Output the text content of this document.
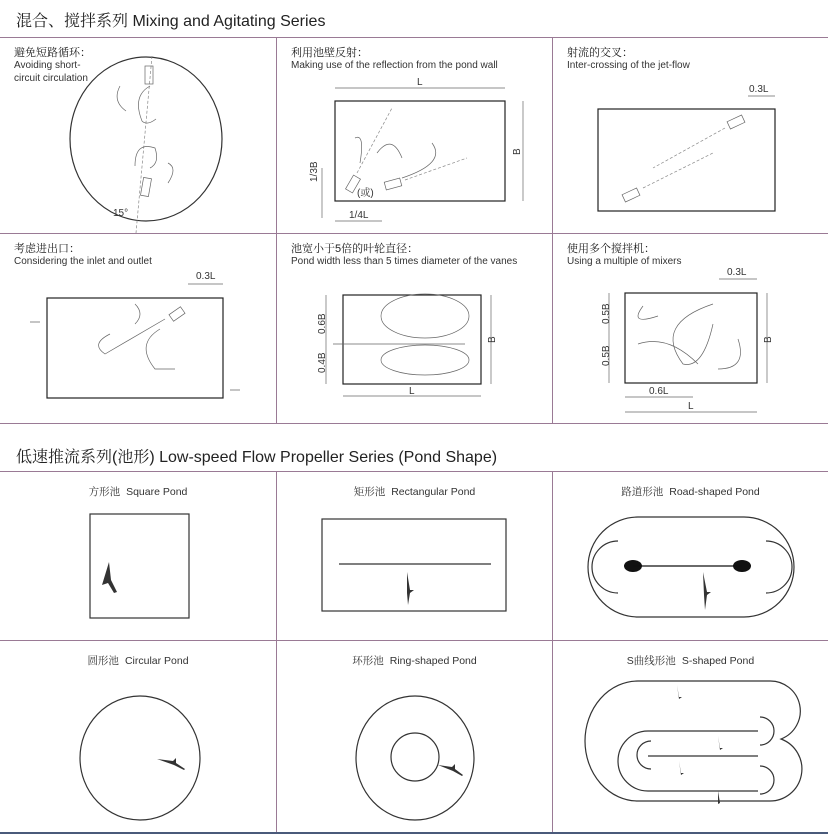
混合、搅拌系列 Mixing and Agitating Series
避免短路循环：
Avoiding short-circuit circulation
15°
利用池壁反射：
Making use of the reflection from the pond wall
L
B
1/3B
1/4L
(或)
射流的交叉：
Inter-crossing of the jet-flow
0.3L
考虑进出口：
Considering the inlet and outlet
0.3L
池宽小于5倍的叶轮直径：
Pond width less than 5 times diameter of the vanes
0.6B
0.4B
B
L
使用多个搅拌机：
Using a multiple of mixers
0.3L
0.5B
0.5B
B
0.6L
L
低速推流系列(池形) Low-speed Flow Propeller Series (Pond Shape)
方形池 Square Pond	矩形池 Rectangular Pond	路道形池 Road-shaped Pond
圆形池 Circular Pond	环形池 Ring-shaped Pond	S曲线形池 S-shaped Pond
